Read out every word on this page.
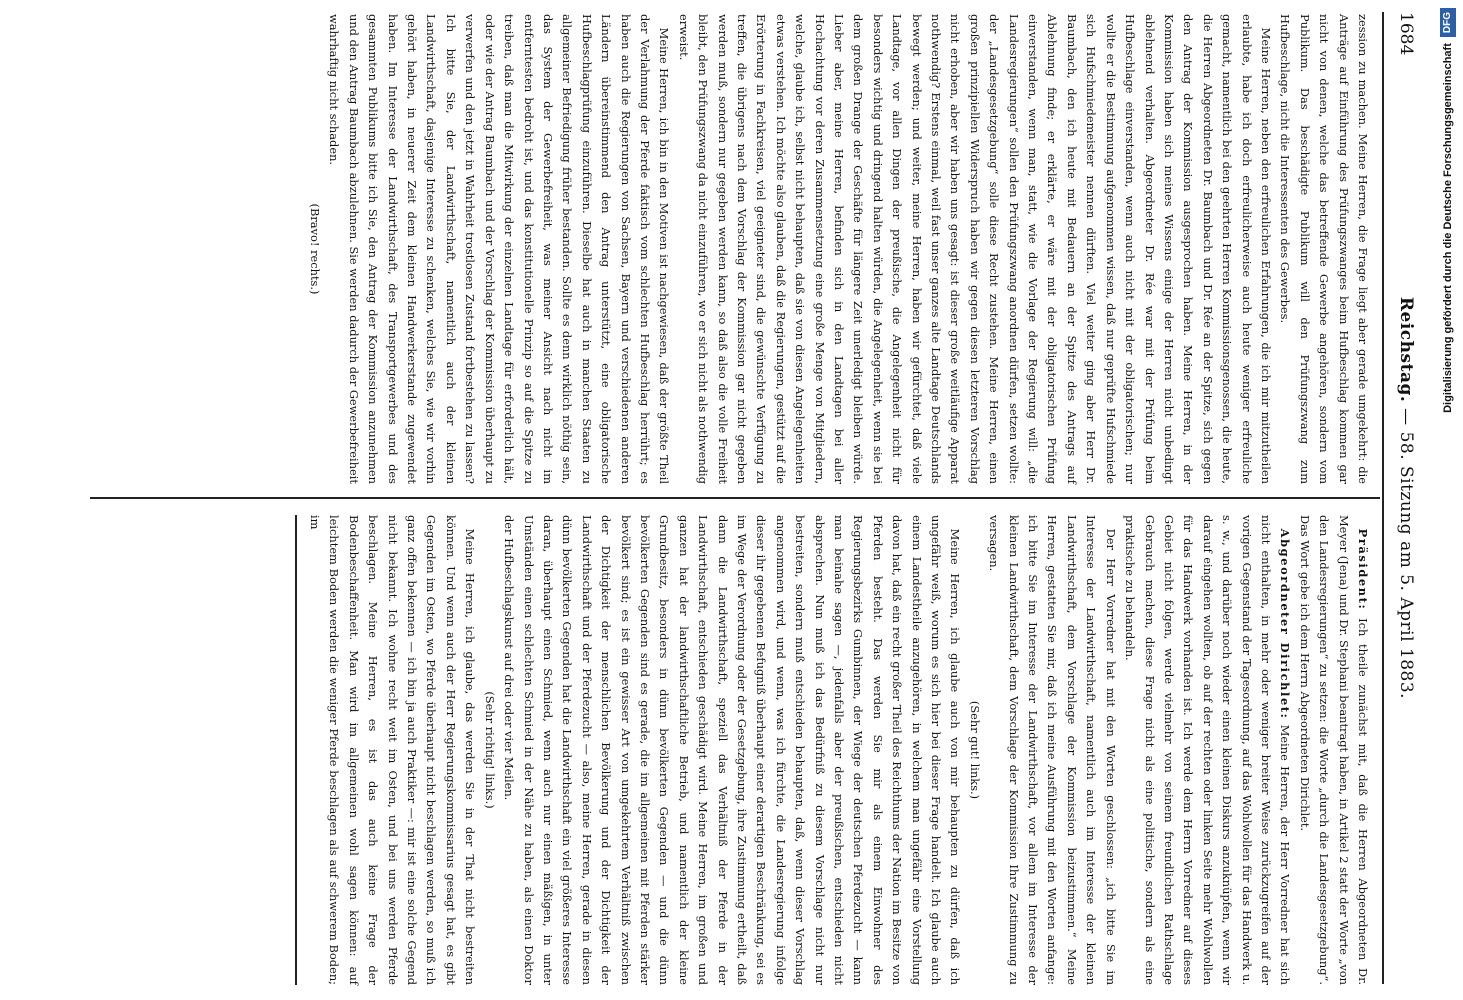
1684
Reichstag. — 58. Sitzung am 5. April 1883.

zession zu machen. Meine Herren, die Frage liegt aber gerade umgekehrt: die Anträge auf Einführung des Prüfungszwanges beim Hufbeschlag kommen gar nicht von denen, welche das betreffende Gewerbe angehören, sondern vom Publikum. Das beschädigte Publikum will den Prüfungszwang zum Hufbeschlage, nicht die Interessenten des Gewerbes.

Meine Herren, neben den erfreulichen Erfahrungen, die ich mir mitzutheilen erlaubte, habe ich doch erfreulicherweise auch heute weniger erfreuliche gemacht, namentlich bei den geehrten Herren Kommissionsgenossen, die heute, die Herren Abgeordneten Dr. Baumbach und Dr. Rée an der Spitze, sich gegen den Antrag der Kommission ausgesprochen haben. Meine Herren, in der Kommission haben sich meines Wissens einige der Herren nicht unbedingt ablehnend verhalten. Abgeordneter Dr. Rée war mit der Prüfung beim Hufbeschlage einverstanden, wenn auch nicht mit der obligatorischen; nur wollte er die Bestimmung aufgenommen wissen, daß nur geprüfte Hufschmiede sich Hufschmiedemeister nennen dürften. Viel weiter ging aber Herr Dr. Baumbach, den ich heute mit Bedauern an der Spitze des Antrags auf Ablehnung finde; er erklärte, er wäre mit der obligatorischen Prüfung einverstanden, wenn man, statt, wie die Vorlage der Regierung will: „die Landesregierungen“ sollen den Prüfungszwang anordnen dürfen, setzen wollte: der „Landesgesetzgebung“ solle diese Recht zustehen. Meine Herren, einen großen prinzipiellen Widerspruch haben wir gegen diesen letzteren Vorschlag nicht erhoben, aber wir haben uns gesagt: ist dieser große weitläufige Apparat nothwendig? Erstens einmal, weil fast unser ganzes alte Landtage Deutschlands bewegt werden; und weiter, meine Herren, haben wir gefürchtet, daß viele Landtage, vor allen Dingen der preußische, die Angelegenheit nicht für besonders wichtig und dringend halten würden, die Angelegenheit, wenn sie bei dem großen Drange der Geschäfte für längere Zeit unerledigt bleiben würde. Lieber aber, meine Herren, befinden sich in den Landtagen bei aller Hochachtung vor deren Zusammensetzung eine große Menge von Mitgliedern, welche, glaube ich, selbst nicht behaupten, daß sie von diesen Angelegenheiten etwas verstehen. Ich möchte also glauben, daß die Regierungen, gestützt auf die Erörterung in Fachkreisen, viel geeigneter sind, die gewünschte Verfügung zu treffen, die übrigens nach dem Vorschlag der Kommission gar nicht gegeben werden muß, sondern nur gegeben werden kann, so daß also die volle Freiheit bleibt, den Prüfungszwang da nicht einzuführen, wo er sich nicht als nothwendig erweist.

Meine Herren, ich bin in den Motiven ist nachgewiesen, daß der größte Theil der Verlahmung der Pferde faktisch vom schlechten Hufbeschlag herrührt; es haben auch die Regierungen von Sachsen, Bayern und verschiedenen anderen Ländern übereinstimmend den Antrag unterstützt, eine obligatorische Hufbeschlagprüfung einzuführen. Dieselbe hat auch in manchen Staaten zu allgemeiner Befriedigung früher bestanden. Sollte es denn wirklich nöthig sein, das System der Gewerbefreiheit, was meiner Ansicht nach nicht im entferntesten bedroht ist, und das konstitutionelle Prinzip so auf die Spitze zu treiben, daß man die Mitwirkung der einzelnen Landtage für erforderlich hält, oder wie der Antrag Baumbach und der Vorschlag der Kommission überhaupt zu verwerfen und den jetzt in Wahrheit trostlosen Zustand fortbestehen zu lassen? Ich bitte Sie, der Landwirthschaft, namentlich auch der kleinen Landwirthschaft, dasjenige Interesse zu schenken, welches Sie, wie wir vorhin gehört haben, in neuerer Zeit dem kleinen Handwerkerstande zugewendet haben. Im Interesse der Landwirthschaft, des Transportgewerbes und des gesammten Publikums bitte ich Sie, den Antrag der Kommission anzunehmen und den Antrag Baumbach abzulehnen. Sie werden dadurch der Gewerbefreiheit wahrhaftig nicht schaden.

(Bravo! rechts.)

Präsident: Ich theile zunächst mit, daß die Herren Abgeordneten Dr. Meyer (Jena) und Dr. Stephani beantragt haben, in Artikel 2 statt der Worte „von den Landesregierungen“ zu setzen: die Worte „durch die Landesgesetzgebung“. Das Wort gebe ich dem Herrn Abgeordneten Dirichlet.

Abgeordneter Dirichlet: Meine Herren, der Herr Vorredner hat sich nicht enthalten, in mehr oder weniger breiter Weise zurückzugreifen auf der vorigen Gegenstand der Tagesordnung, auf das Wohlwollen für das Handwerk u. s. w., und darüber noch wieder einen kleinen Diskurs anzuknüpfen, wenn wir darauf eingehen wollten, ob auf der rechten oder linken Seite mehr Wohlwollen für das Handwerk vorhanden ist. Ich werde dem Herrn Vorredner auf dieses Gebiet nicht folgen, werde vielmehr von seinem freundlichen Rathschlage Gebrauch machen, diese Frage nicht als eine politische, sondern als eine praktische zu behandeln.

Der Herr Vorredner hat mit den Worten geschlossen: „ich bitte Sie im Interesse der Landwirthschaft, namentlich auch im Interesse der kleinen Landwirthschaft, dem Vorschlage der Kommission beizustimmen.“ Meine Herren, gestatten Sie mir, daß ich meine Ausführung mit den Worten anfange: ich bitte Sie im Interesse der Landwirthschaft, vor allem im Interesse der kleinen Landwirthschaft, dem Vorschlage der Kommission Ihre Zustimmung zu versagen.

(Sehr gut! links.)

Meine Herren, ich glaube auch von mir behaupten zu dürfen, daß ich ungefähr weiß, worum es sich hier bei dieser Frage handelt. Ich glaube auch einem Landestheile anzugehören, in welchem man ungefähr eine Vorstellung davon hat, daß ein recht großer Theil des Reichthums der Nation im Besitze von Pferden besteht. Das werden Sie mir als einem Einwohner des Regierungsbezirks Gumbinnen, der Wiege der deutschen Pferdezucht — kann man beinahe sagen —, jedenfalls aber der preußischen, entschieden nicht absprechen. Nun muß ich das Bedürfniß zu diesem Vorschlage nicht nur bestreiten, sondern muß entschieden behaupten, daß, wenn dieser Vorschlag angenommen wird, und wenn, was ich fürchte, die Landesregierung infolge dieser ihr gegebenen Befugniß überhaupt einer derartigen Beschränkung, sei es im Wege der Verordnung oder der Gesetzgebung, ihre Zustimmung ertheilt, daß dann die Landwirthschaft, speziell das Verhältniß der Pferde in der Landwirthschaft, entschieden geschädigt wird. Meine Herren, im großen und ganzen hat der landwirthschaftliche Betrieb, und namentlich der kleine Grundbesitz, besonders in dünn bevölkerten Gegenden — und die dünn bevölkerten Gegenden sind es gerade, die im allgemeinen mit Pferden stärker bevölkert sind; es ist ein gewisser Art von umgekehrtem Verhältniß zwischen der Dichtigkeit der menschlichen Bevölkerung und der Dichtigkeit der Landwirthschaft und der Pferdezucht — also, meine Herren, gerade in diesen dünn bevölkerten Gegenden hat die Landwirthschaft ein viel größeres Interesse daran, überhaupt einen Schmied, wenn auch nur einen mäßigen, in unter Umständen einen schlechten Schmied in der Nähe zu haben, als einen Doktor der Hufbeschlagskunst auf drei oder vier Meilen.

(Sehr richtig! links.)

Meine Herren, ich glaube, das werden Sie in der That nicht bestreiten können. Und wenn auch der Herr Regierungskommissarius gesagt hat, es gibt Gegenden im Osten, wo Pferde überhaupt nicht beschlagen werden, so muß ich ganz offen bekennen — ich bin ja auch Praktiker —: mir ist eine solche Gegend nicht bekannt. Ich wohne recht weit im Osten, und bei uns werden Pferde beschlagen. Meine Herren, es ist das auch keine Frage der Bodenbeschaffenheit. Man wird im allgemeinen wohl sagen können: auf leichtem Boden werden die weniger Pferde beschlagen als auf schwerem Boden; im

Digitalisierung gefördert durch die Deutsche Forschungsgemeinschaft
DFG
